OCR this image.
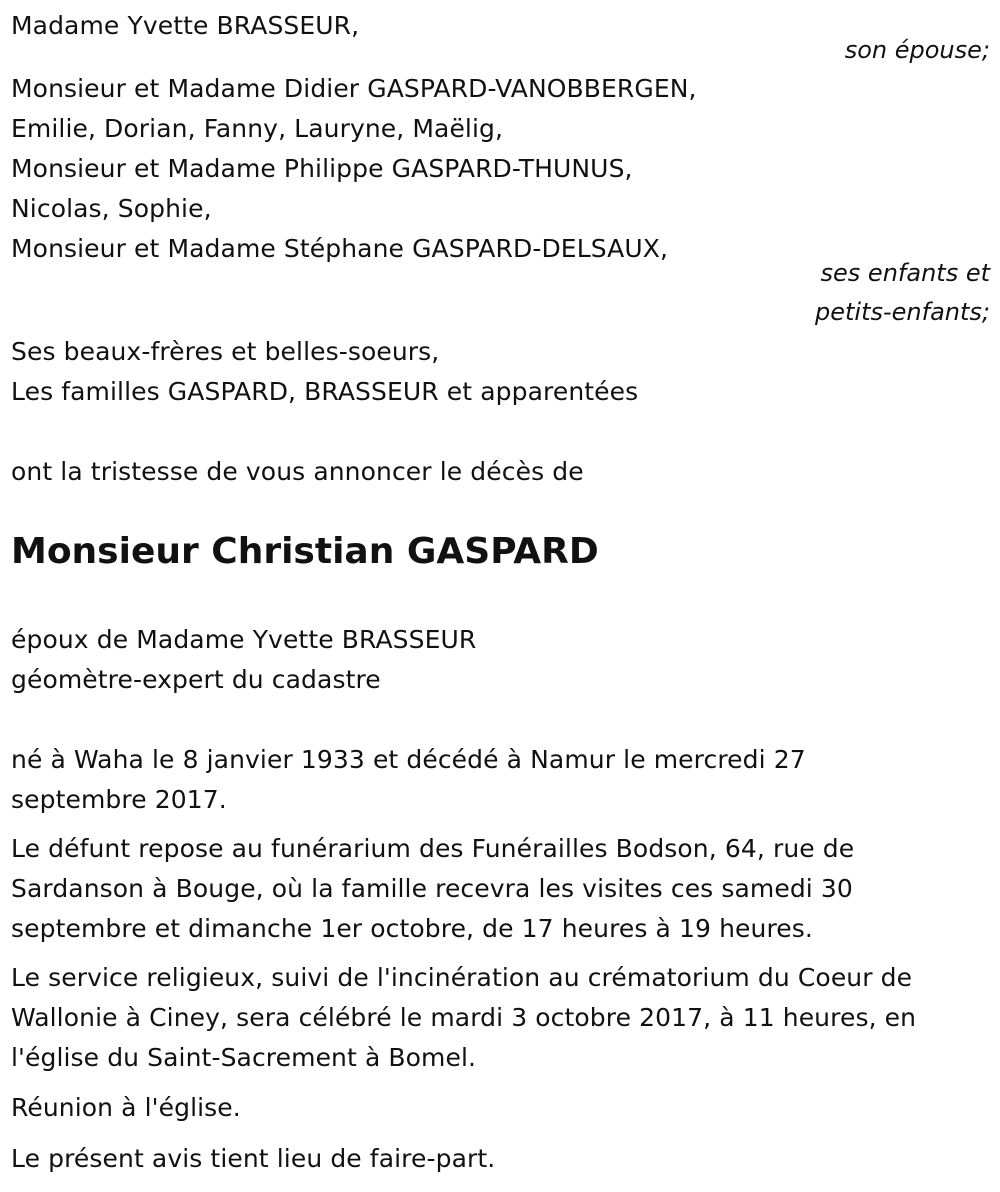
Madame Yvette BRASSEUR,
son épouse;
Monsieur et Madame Didier GASPARD-VANOBBERGEN,
Emilie, Dorian, Fanny, Lauryne, Maëlig,
Monsieur et Madame Philippe GASPARD-THUNUS,
Nicolas, Sophie,
Monsieur et Madame Stéphane GASPARD-DELSAUX,
ses enfants et
petits-enfants;
Ses beaux-frères et belles-soeurs,
Les familles GASPARD, BRASSEUR et apparentées
ont la tristesse de vous annoncer le décès de
Monsieur Christian GASPARD
époux de Madame Yvette BRASSEUR
géomètre-expert du cadastre
né à Waha le 8 janvier 1933 et décédé à Namur le mercredi 27
septembre 2017.
Le défunt repose au funérarium des Funérailles Bodson, 64, rue de
Sardanson à Bouge, où la famille recevra les visites ces samedi 30
septembre et dimanche 1er octobre, de 17 heures à 19 heures.
Le service religieux, suivi de l'incinération au crématorium du Coeur de
Wallonie à Ciney, sera célébré le mardi 3 octobre 2017, à 11 heures, en
l'église du Saint-Sacrement à Bomel.
Réunion à l'église.
Le présent avis tient lieu de faire-part.
